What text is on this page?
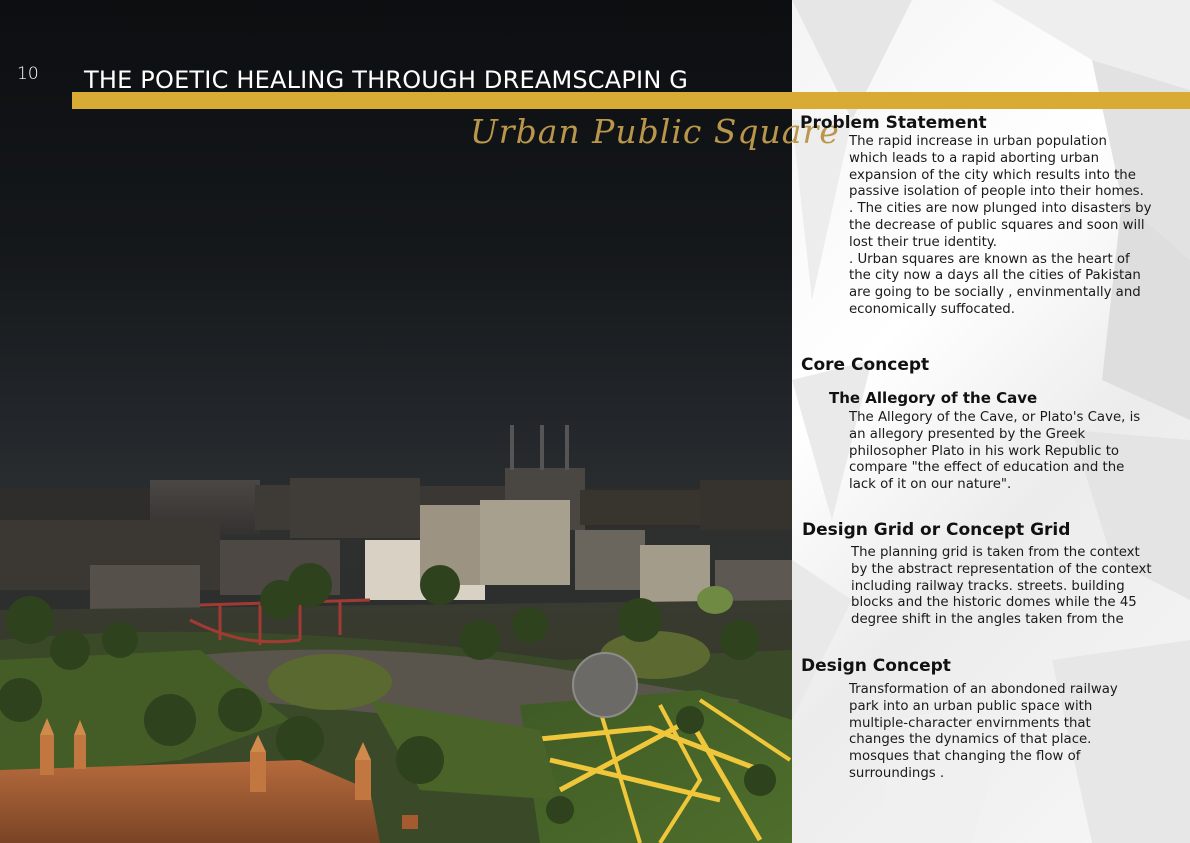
10 THE POETIC HEALING THROUGH DREAMSCAPIN G
Urban Public Square
Problem Statement
The rapid increase in urban population
which leads to a rapid aborting urban
expansion of the city which results into the
passive isolation of people into their homes.
. The cities are now plunged into disasters by
the decrease of public squares and soon will
lost their true identity.
. Urban squares are known as the heart of
the city now a days all the cities of Pakistan
are going to be socially , envinmentally and
economically suffocated.
Core Concept
The Allegory of the Cave
The Allegory of the Cave, or Plato's Cave, is
an allegory presented by the Greek
philosopher Plato in his work Republic to
compare "the effect of education and the
lack of it on our nature".
Design Grid or Concept Grid
The planning grid is taken from the context
by the abstract representation of the context
including railway tracks. streets. building
blocks and the historic domes while the 45
degree shift in the angles taken from the
Design Concept
Transformation of an abondoned railway
park into an urban public space with
multiple-character envirnments that
changes the dynamics of that place.
mosques that changing the flow of
surroundings .
